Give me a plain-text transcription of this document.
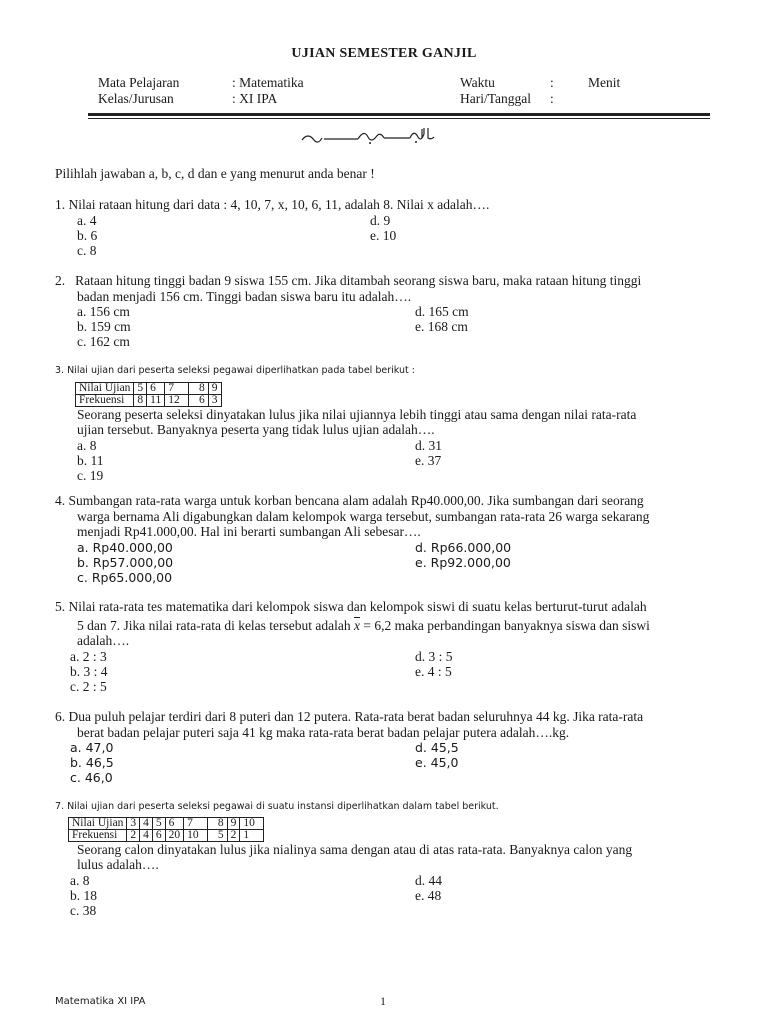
UJIAN SEMESTER GANJIL
Mata Pelajaran	: Matematika	Waktu	:	Menit
Kelas/Jurusan	: XI IPA	Hari/Tanggal :
Pilihlah jawaban a, b, c, d dan e yang menurut anda benar !
1. Nilai rataan hitung dari data : 4, 10, 7, x, 10, 6, 11, adalah 8. Nilai x adalah….
a. 4
b. 6
c. 8
d. 9
e. 10
2. Rataan hitung tinggi badan 9 siswa 155 cm. Jika ditambah seorang siswa baru, maka rataan hitung tinggi
badan menjadi 156 cm. Tinggi badan siswa baru itu adalah….
a. 156 cm
b. 159 cm
c. 162 cm
d. 165 cm
e. 168 cm
3. Nilai ujian dari peserta seleksi pegawai diperlihatkan pada tabel berikut :
Nilai Ujian	5	6	7	8	9
Frekuensi	8	11	12	6	3
Seorang peserta seleksi dinyatakan lulus jika nilai ujiannya lebih tinggi atau sama dengan nilai rata-rata
ujian tersebut. Banyaknya peserta yang tidak lulus ujian adalah….
a. 8
b. 11
c. 19
d. 31
e. 37
4. Sumbangan rata-rata warga untuk korban bencana alam adalah Rp40.000,00. Jika sumbangan dari seorang
warga bernama Ali digabungkan dalam kelompok warga tersebut, sumbangan rata-rata 26 warga sekarang
menjadi Rp41.000,00. Hal ini berarti sumbangan Ali sebesar….
a. Rp40.000,00
b. Rp57.000,00
c. Rp65.000,00
d. Rp66.000,00
e. Rp92.000,00
5. Nilai rata-rata tes matematika dari kelompok siswa dan kelompok siswi di suatu kelas berturut-turut adalah
5 dan 7. Jika nilai rata-rata di kelas tersebut adalah $\overline{x} = 6,2$ maka perbandingan banyaknya siswa dan siswi
adalah….
a. 2 : 3
b. 3 : 4
c. 2 : 5
d. 3 : 5
e. 4 : 5
6. Dua puluh pelajar terdiri dari 8 puteri dan 12 putera. Rata-rata berat badan seluruhnya 44 kg. Jika rata-rata
berat badan pelajar puteri saja 41 kg maka rata-rata berat badan pelajar putera adalah….kg.
a. 47,0
b. 46,5
c. 46,0
d. 45,5
e. 45,0
7. Nilai ujian dari peserta seleksi pegawai di suatu instansi diperlihatkan dalam tabel berikut.
Nilai Ujian	3	4	5	6	7	8	9	10
Frekuensi	2	4	6	20	10	5	2	1
Seorang calon dinyatakan lulus jika nialinya sama dengan atau di atas rata-rata. Banyaknya calon yang
lulus adalah….
a. 8
b. 18
c. 38
d. 44
e. 48
Matematika XI IPA	1
